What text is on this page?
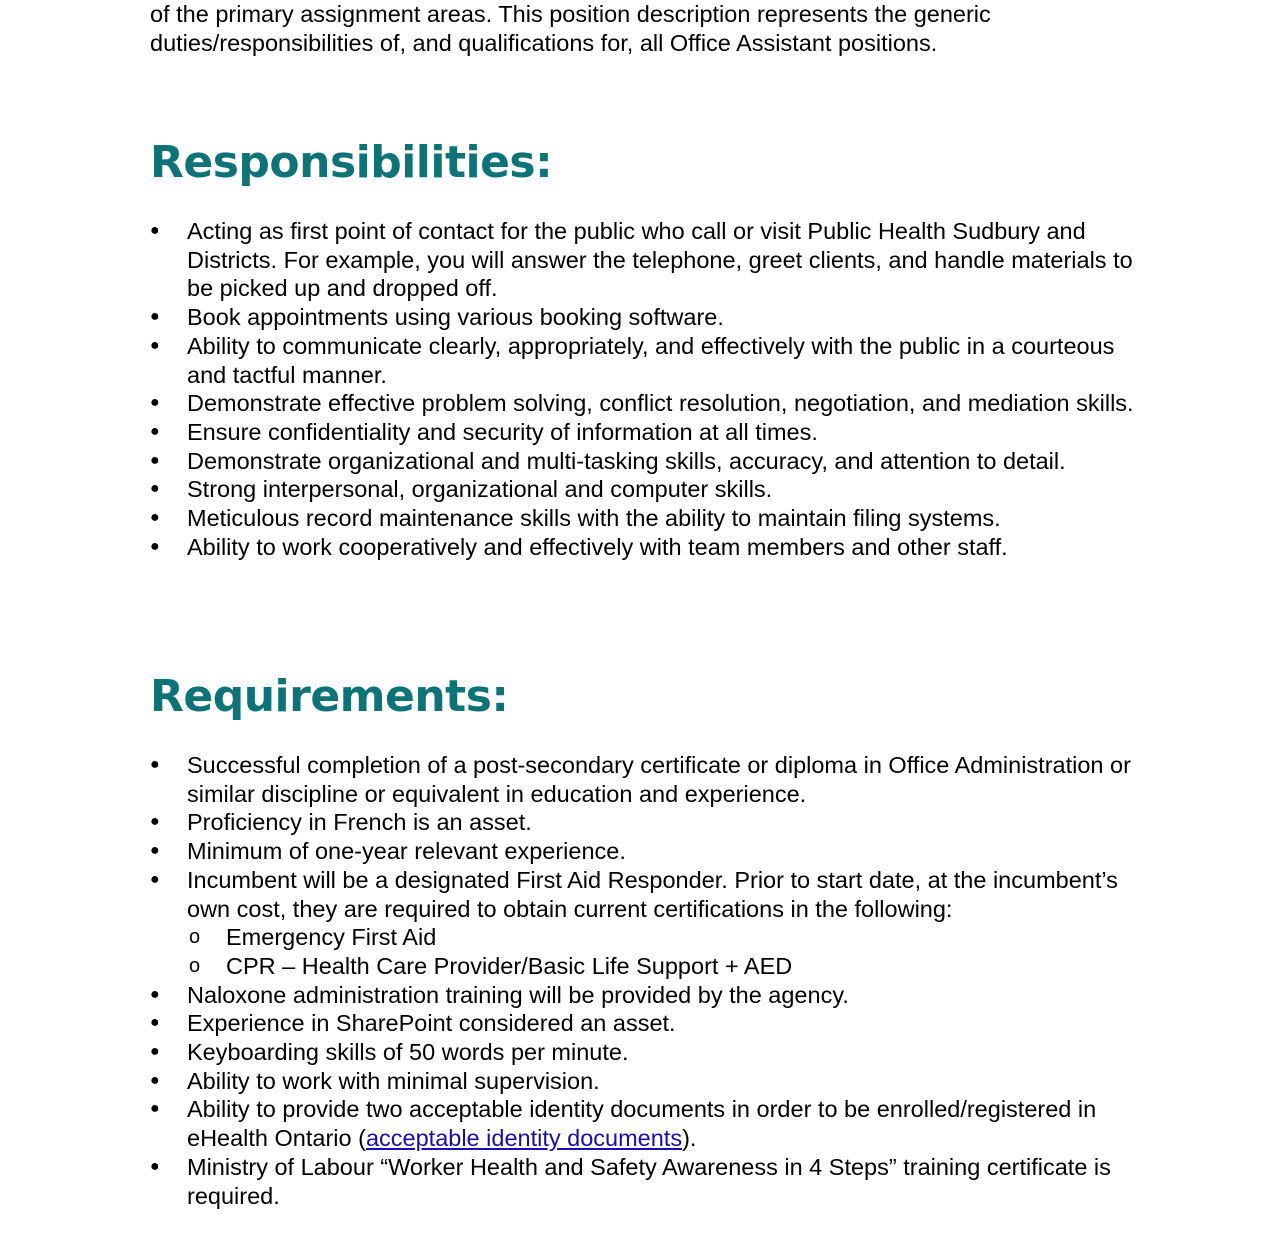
of the primary assignment areas. This position description represents the generic duties/responsibilities of, and qualifications for, all Office Assistant positions.

Responsibilities:
● Acting as first point of contact for the public who call or visit Public Health Sudbury and Districts. For example, you will answer the telephone, greet clients, and handle materials to be picked up and dropped off.
● Book appointments using various booking software.
● Ability to communicate clearly, appropriately, and effectively with the public in a courteous and tactful manner.
● Demonstrate effective problem solving, conflict resolution, negotiation, and mediation skills.
● Ensure confidentiality and security of information at all times.
● Demonstrate organizational and multi-tasking skills, accuracy, and attention to detail.
● Strong interpersonal, organizational and computer skills.
● Meticulous record maintenance skills with the ability to maintain filing systems.
● Ability to work cooperatively and effectively with team members and other staff.
Requirements:
● Successful completion of a post-secondary certificate or diploma in Office Administration or similar discipline or equivalent in education and experience.
● Proficiency in French is an asset.
● Minimum of one-year relevant experience.
● Incumbent will be a designated First Aid Responder. Prior to start date, at the incumbent’s own cost, they are required to obtain current certifications in the following:
o Emergency First Aid
o CPR – Health Care Provider/Basic Life Support + AED
● Naloxone administration training will be provided by the agency.
● Experience in SharePoint considered an asset.
● Keyboarding skills of 50 words per minute.
● Ability to work with minimal supervision.
● Ability to provide two acceptable identity documents in order to be enrolled/registered in eHealth Ontario (acceptable identity documents).
● Ministry of Labour “Worker Health and Safety Awareness in 4 Steps” training certificate is required.
